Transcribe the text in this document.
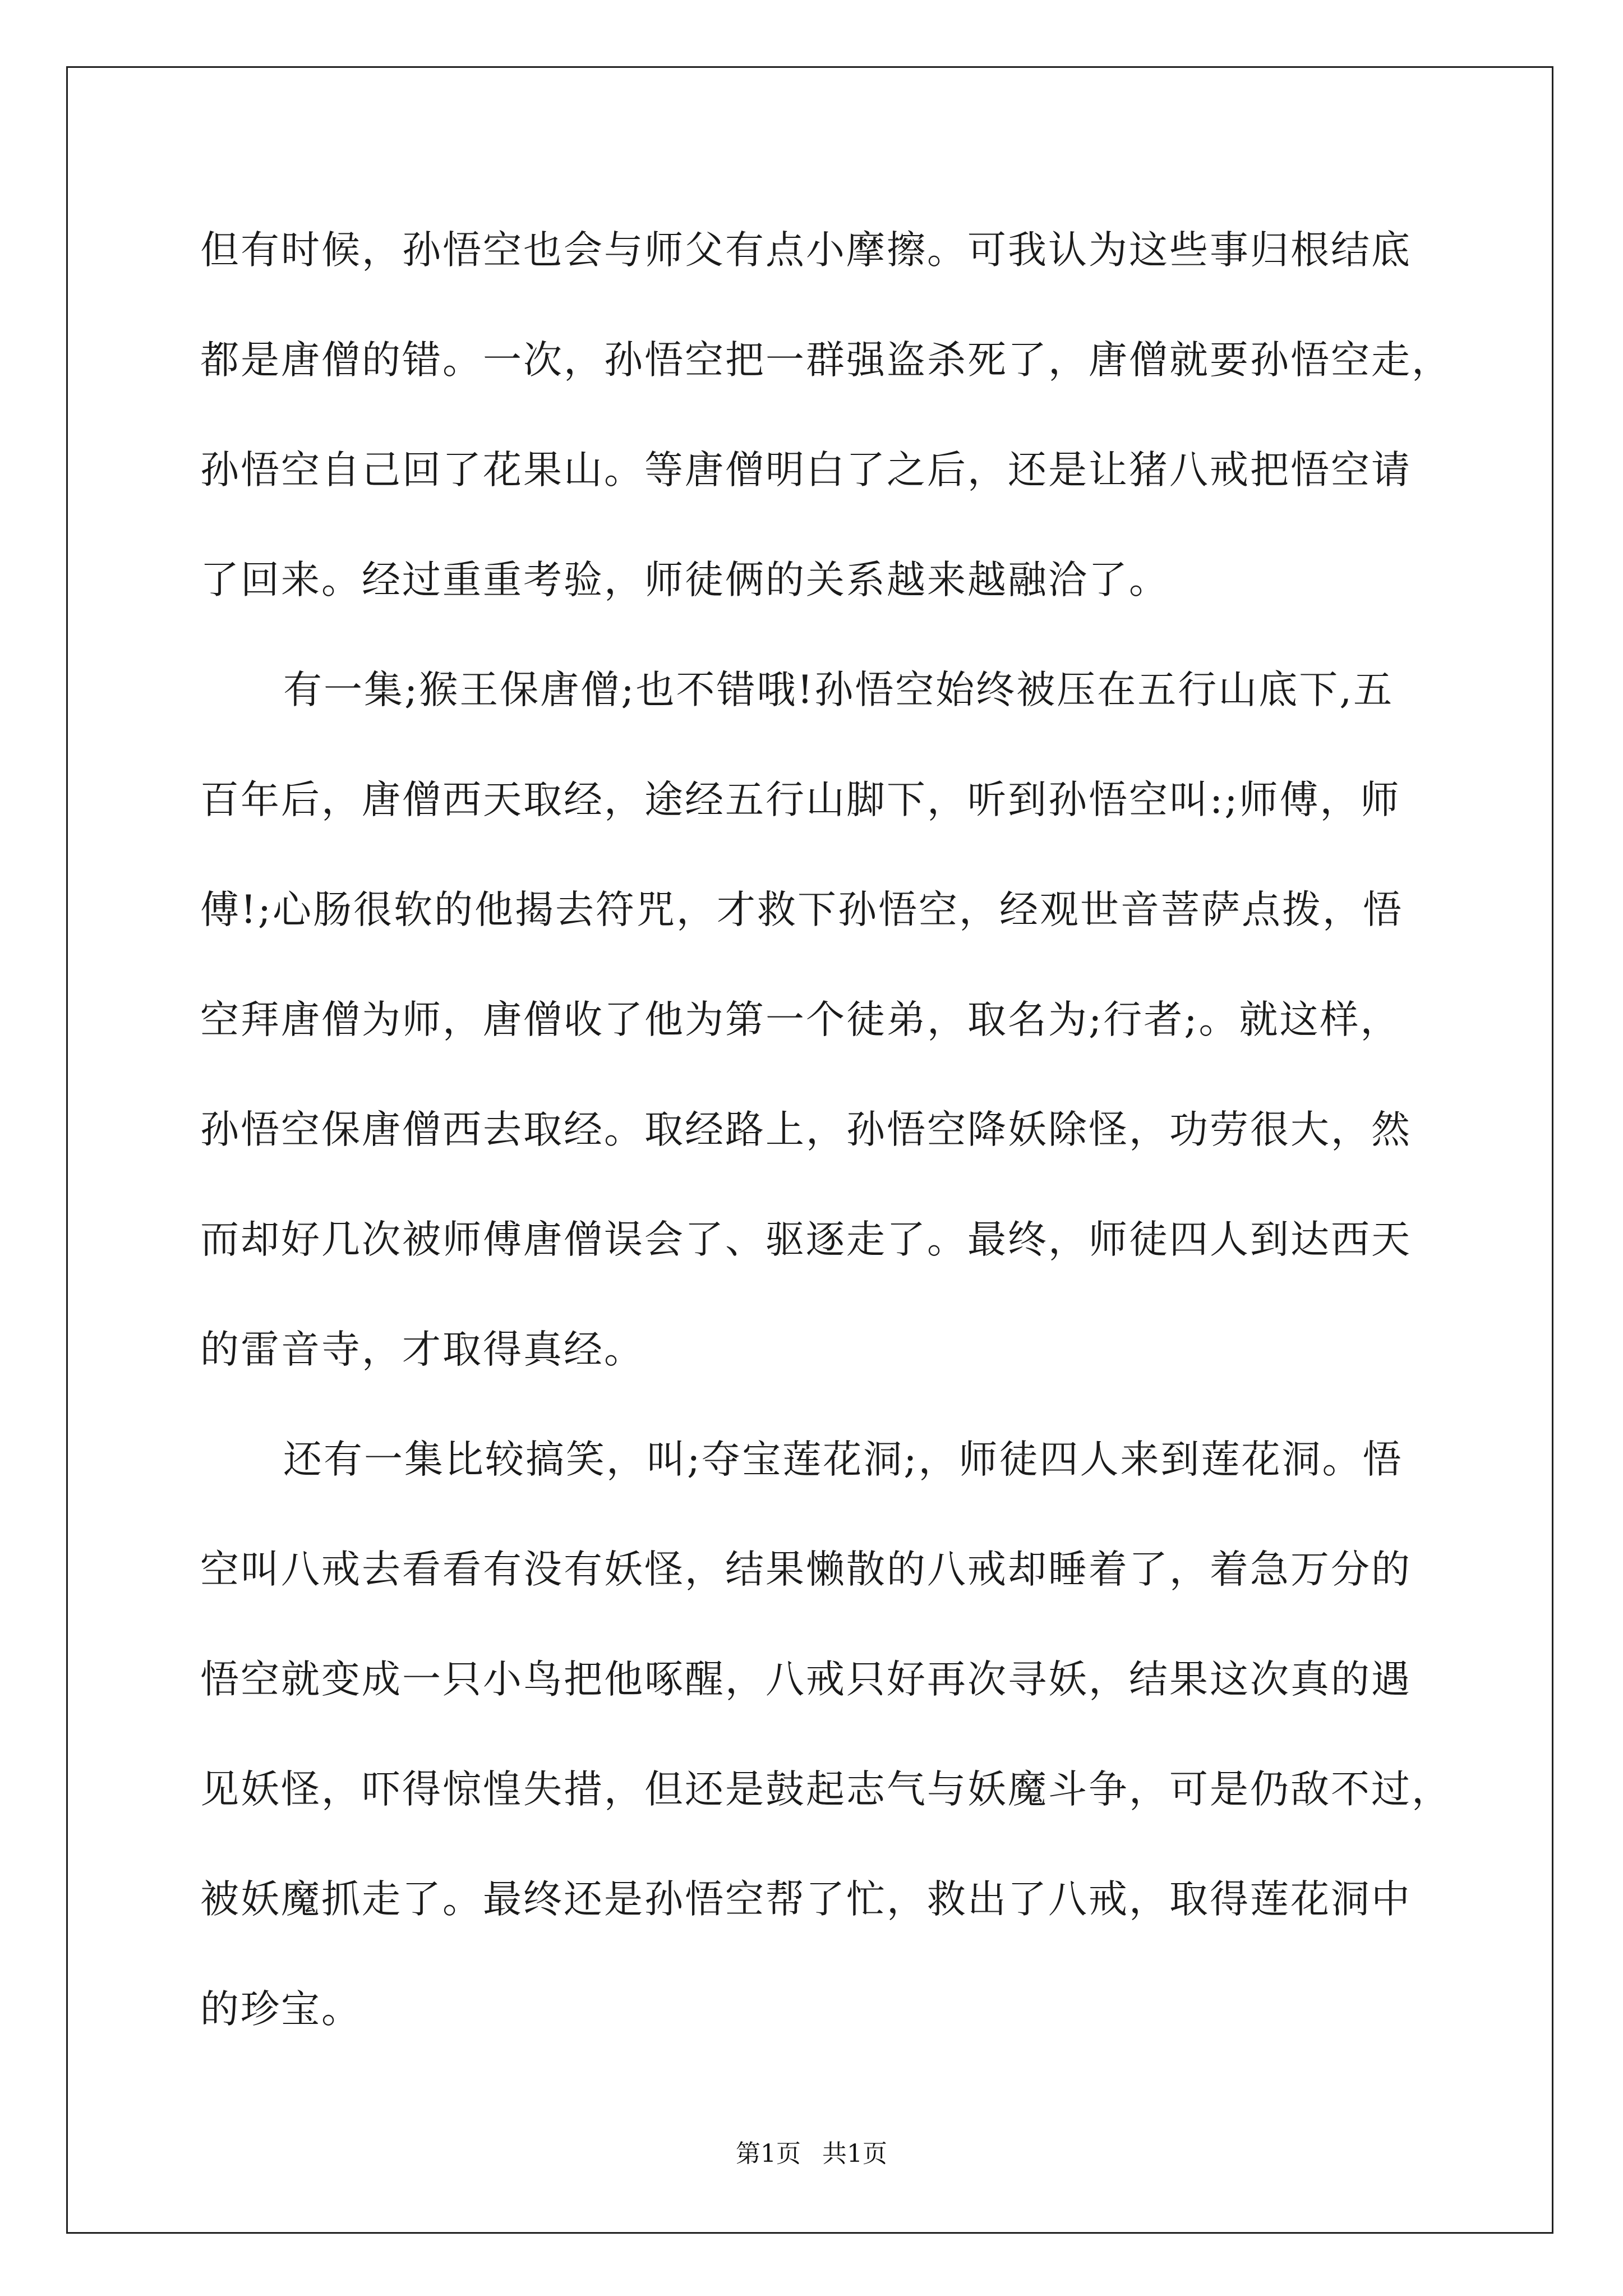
但有时候，孙悟空也会与师父有点小摩擦。可我认为这些事归根结底
都是唐僧的错。一次，孙悟空把一群强盗杀死了，唐僧就要孙悟空走，
孙悟空自己回了花果山。等唐僧明白了之后，还是让猪八戒把悟空请
了回来。经过重重考验，师徒俩的关系越来越融洽了。
有一集;猴王保唐僧;也不错哦!孙悟空始终被压在五行山底下,五
百年后，唐僧西天取经，途经五行山脚下，听到孙悟空叫:;师傅，师
傅!;心肠很软的他揭去符咒，才救下孙悟空，经观世音菩萨点拨，悟
空拜唐僧为师，唐僧收了他为第一个徒弟，取名为;行者;。就这样，
孙悟空保唐僧西去取经。取经路上，孙悟空降妖除怪，功劳很大，然
而却好几次被师傅唐僧误会了、驱逐走了。最终，师徒四人到达西天
的雷音寺，才取得真经。
还有一集比较搞笑，叫;夺宝莲花洞;，师徒四人来到莲花洞。悟
空叫八戒去看看有没有妖怪，结果懒散的八戒却睡着了，着急万分的
悟空就变成一只小鸟把他啄醒，八戒只好再次寻妖，结果这次真的遇
见妖怪，吓得惊惶失措，但还是鼓起志气与妖魔斗争，可是仍敌不过，
被妖魔抓走了。最终还是孙悟空帮了忙，救出了八戒，取得莲花洞中
的珍宝。
第1页 共1页
